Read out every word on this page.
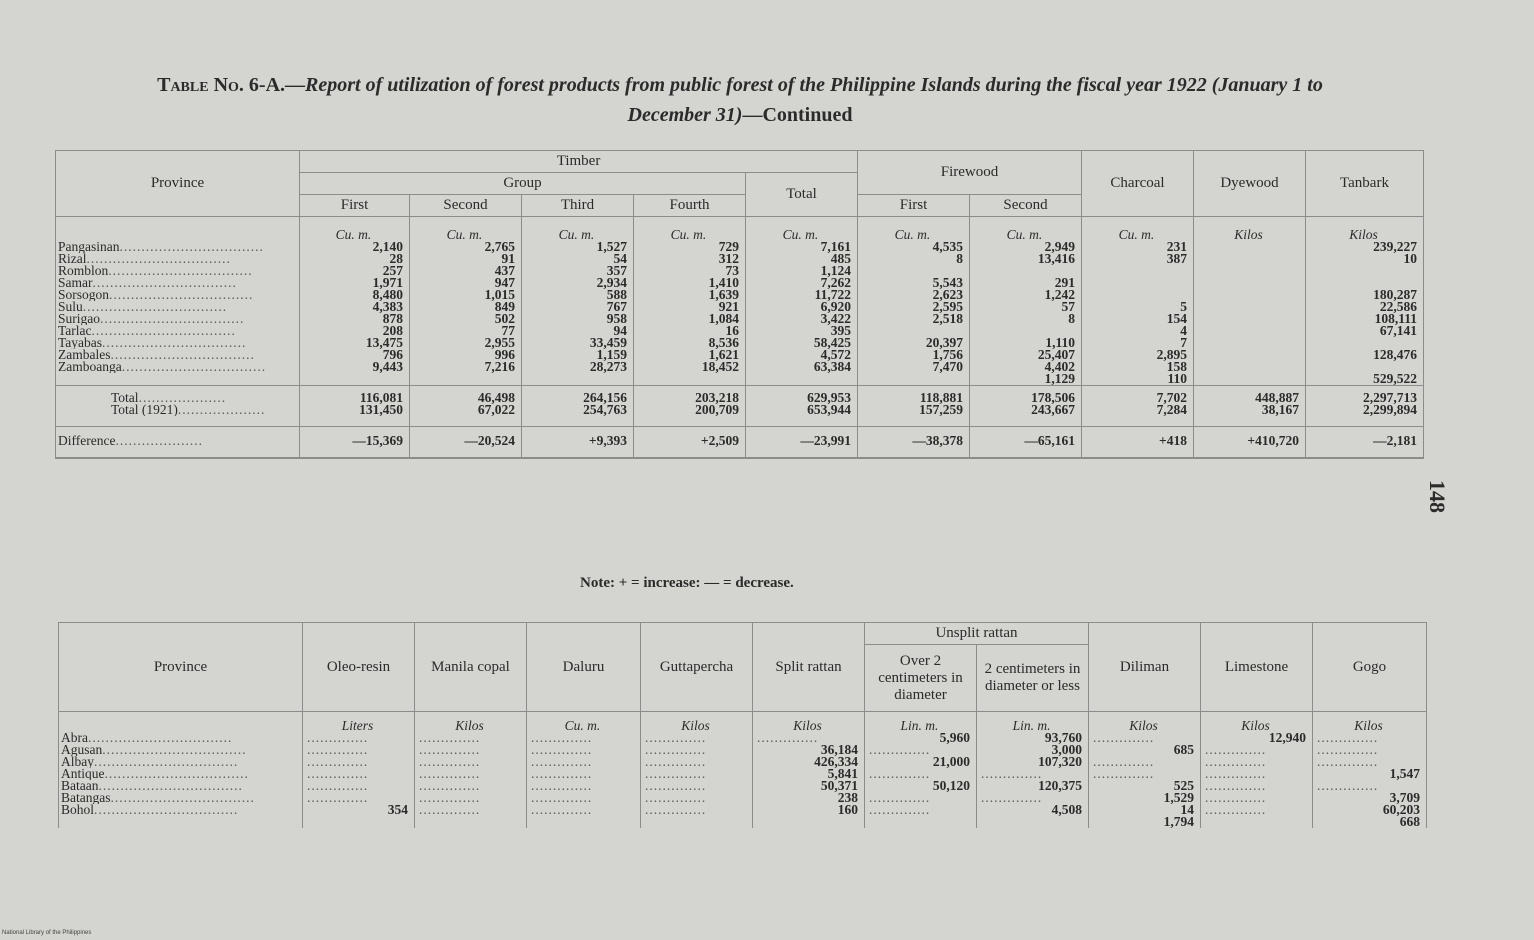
Table No. 6-A.—Report of utilization of forest products from public forest of the Philippine Islands during the fiscal year 1922 (January 1 to December 31)—Continued
Province	Timber					Firewood		Charcoal	Dyewood	Tanbark
	Group				Total					
	First	Second	Third	Fourth		First	Second			
	Cu. m.	Cu. m.	Cu. m.	Cu. m.	Cu. m.	Cu. m.	Cu. m.	Cu. m.	Kilos	Kilos
Pangasinan.................................	2,140	2,765	1,527	729	7,161	4,535	2,949	231		239,227
Rizal.................................	28	91	54	312	485	8	13,416	387		10
Romblon.................................	257	437	357	73	1,124					
Samar.................................	1,971	947	2,934	1,410	7,262	5,543	291			
Sorsogon.................................	8,480	1,015	588	1,639	11,722	2,623	1,242			180,287
Sulu.................................	4,383	849	767	921	6,920	2,595	57	5		22,586
Surigao.................................	878	502	958	1,084	3,422	2,518	8	154		108,111
Tarlac.................................	208	77	94	16	395			4		67,141
Tayabas.................................	13,475	2,955	33,459	8,536	58,425	20,397	1,110	7		
Zambales.................................	796	996	1,159	1,621	4,572	1,756	25,407	2,895		128,476
Zamboanga.................................	9,443	7,216	28,273	18,452	63,384	7,470	4,402	158		
							1,129	110		529,522
Total....................	116,081	46,498	264,156	203,218	629,953	118,881	178,506	7,702	448,887	2,297,713
Total (1921)....................	131,450	67,022	254,763	200,709	653,944	157,259	243,667	7,284	38,167	2,299,894

Difference....................	—15,369	—20,524	+9,393	+2,509	—23,991	—38,378	—65,161	+418	+410,720	—2,181
Note: + = increase: — = decrease.
Province	Oleo-resin	Manila copal	Daluru	Guttapercha	Split rattan	Unsplit rattan		Diliman	Limestone	Gogo
						Over 2 centimeters in diameter	2 centimeters in diameter or less			
	Liters	Kilos	Cu. m.	Kilos	Kilos	Lin. m.	Lin. m.	Kilos	Kilos	Kilos
Abra.................................	..............	..............	..............	..............	..............	5,960	93,760	..............	12,940	..............
Agusan.................................	..............	..............	..............	..............	36,184	..............	3,000	685	..............	..............
Albay.................................	..............	..............	..............	..............	426,334	21,000	107,320	..............	..............	..............
Antique.................................	..............	..............	..............	..............	5,841	..............	..............	..............	..............	1,547
Bataan.................................	..............	..............	..............	..............	50,371	50,120	120,375	525	..............	..............
Batangas.................................	..............	..............	..............	..............	238	..............	..............	1,529	..............	3,709
Bohol.................................	354	..............	..............	..............	160	..............	4,508	14	..............	60,203
								1,794		668
148
National Library of the Philippines
